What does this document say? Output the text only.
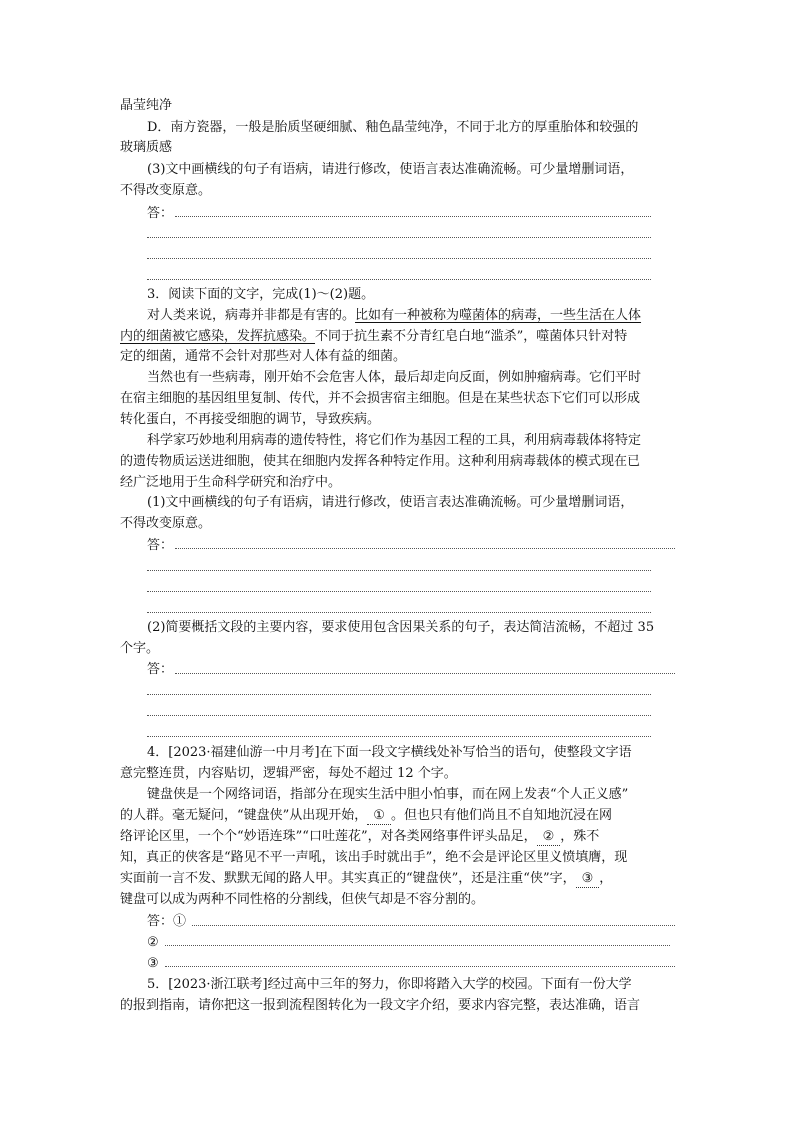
晶莹纯净
D．南方瓷器，一般是胎质坚硬细腻、釉色晶莹纯净，不同于北方的厚重胎体和较强的
玻璃质感
(3)文中画横线的句子有语病，请进行修改，使语言表达准确流畅。可少量增删词语，
不得改变原意。
答：
3．阅读下面的文字，完成(1)～(2)题。
对人类来说，病毒并非都是有害的。比如有一种被称为噬菌体的病毒，一些生活在人体
内的细菌被它感染，发挥抗感染。不同于抗生素不分青红皂白地“滥杀”，噬菌体只针对特
定的细菌，通常不会针对那些对人体有益的细菌。
当然也有一些病毒，刚开始不会危害人体，最后却走向反面，例如肿瘤病毒。它们平时
在宿主细胞的基因组里复制、传代，并不会损害宿主细胞。但是在某些状态下它们可以形成
转化蛋白，不再接受细胞的调节，导致疾病。
科学家巧妙地利用病毒的遗传特性，将它们作为基因工程的工具，利用病毒载体将特定
的遗传物质运送进细胞，使其在细胞内发挥各种特定作用。这种利用病毒载体的模式现在已
经广泛地用于生命科学研究和治疗中。
(1)文中画横线的句子有语病，请进行修改，使语言表达准确流畅。可少量增删词语，
不得改变原意。
答：
(2)简要概括文段的主要内容，要求使用包含因果关系的句子，表达简洁流畅，不超过 35
个字。
答：
4．[2023·福建仙游一中月考]在下面一段文字横线处补写恰当的语句，使整段文字语
意完整连贯，内容贴切，逻辑严密，每处不超过 12 个字。
键盘侠是一个网络词语，指部分在现实生活中胆小怕事，而在网上发表“个人正义感”
的人群。毫无疑问，“键盘侠”从出现开始， ① 。但也只有他们尚且不自知地沉浸在网
络评论区里，一个个“妙语连珠”“口吐莲花”，对各类网络事件评头品足， ② ，殊不
知，真正的侠客是“路见不平一声吼，该出手时就出手”，绝不会是评论区里义愤填膺，现
实面前一言不发、默默无闻的路人甲。其实真正的“键盘侠”，还是注重“侠”字， ③ ，
键盘可以成为两种不同性格的分割线，但侠气却是不容分割的。
答：①
②
③
5．[2023·浙江联考]经过高中三年的努力，你即将踏入大学的校园。下面有一份大学
的报到指南，请你把这一报到流程图转化为一段文字介绍，要求内容完整，表达准确，语言
